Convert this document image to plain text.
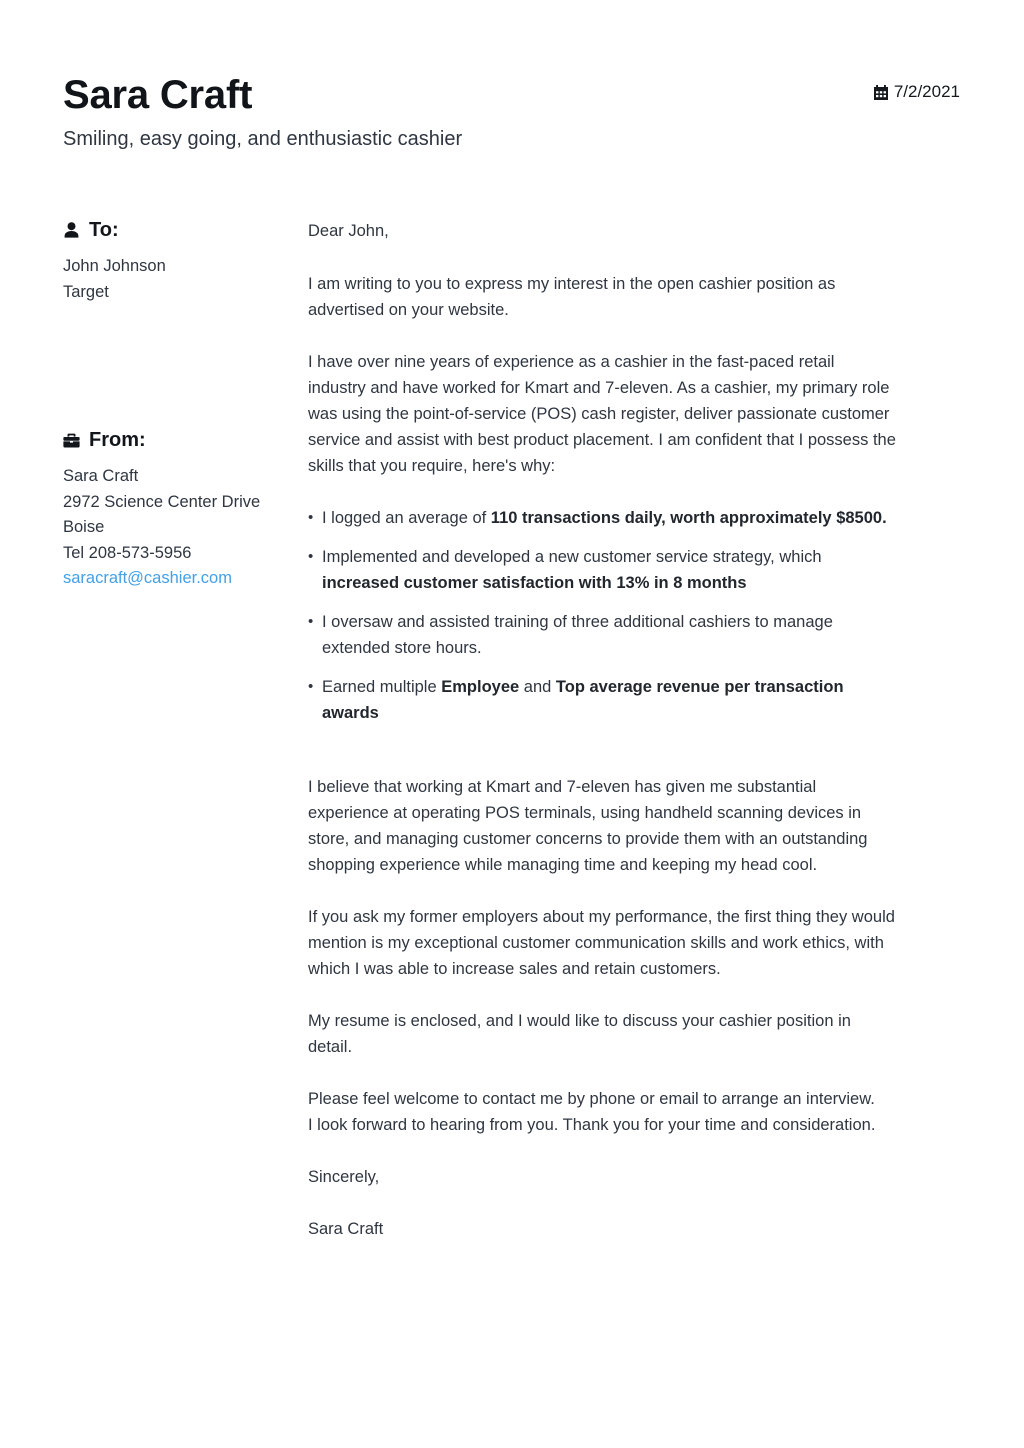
Sara Craft
Smiling, easy going, and enthusiastic cashier
7/2/2021
To:
John Johnson
Target
From:
Sara Craft
2972 Science Center Drive
Boise
Tel 208-573-5956
saracraft@cashier.com

Dear John,

I am writing to you to express my interest in the open cashier position as advertised on your website.

I have over nine years of experience as a cashier in the fast-paced retail industry and have worked for Kmart and 7-eleven. As a cashier, my primary role was using the point-of-service (POS) cash register, deliver passionate customer service and assist with best product placement. I am confident that I possess the skills that you require, here's why:

• I logged an average of 110 transactions daily, worth approximately $8500.
• Implemented and developed a new customer service strategy, which increased customer satisfaction with 13% in 8 months
• I oversaw and assisted training of three additional cashiers to manage extended store hours.
• Earned multiple Employee and Top average revenue per transaction awards

I believe that working at Kmart and 7-eleven has given me substantial experience at operating POS terminals, using handheld scanning devices in store, and managing customer concerns to provide them with an outstanding shopping experience while managing time and keeping my head cool.

If you ask my former employers about my performance, the first thing they would mention is my exceptional customer communication skills and work ethics, with which I was able to increase sales and retain customers.

My resume is enclosed, and I would like to discuss your cashier position in detail.

Please feel welcome to contact me by phone or email to arrange an interview.

I look forward to hearing from you. Thank you for your time and consideration.

Sincerely,

Sara Craft
